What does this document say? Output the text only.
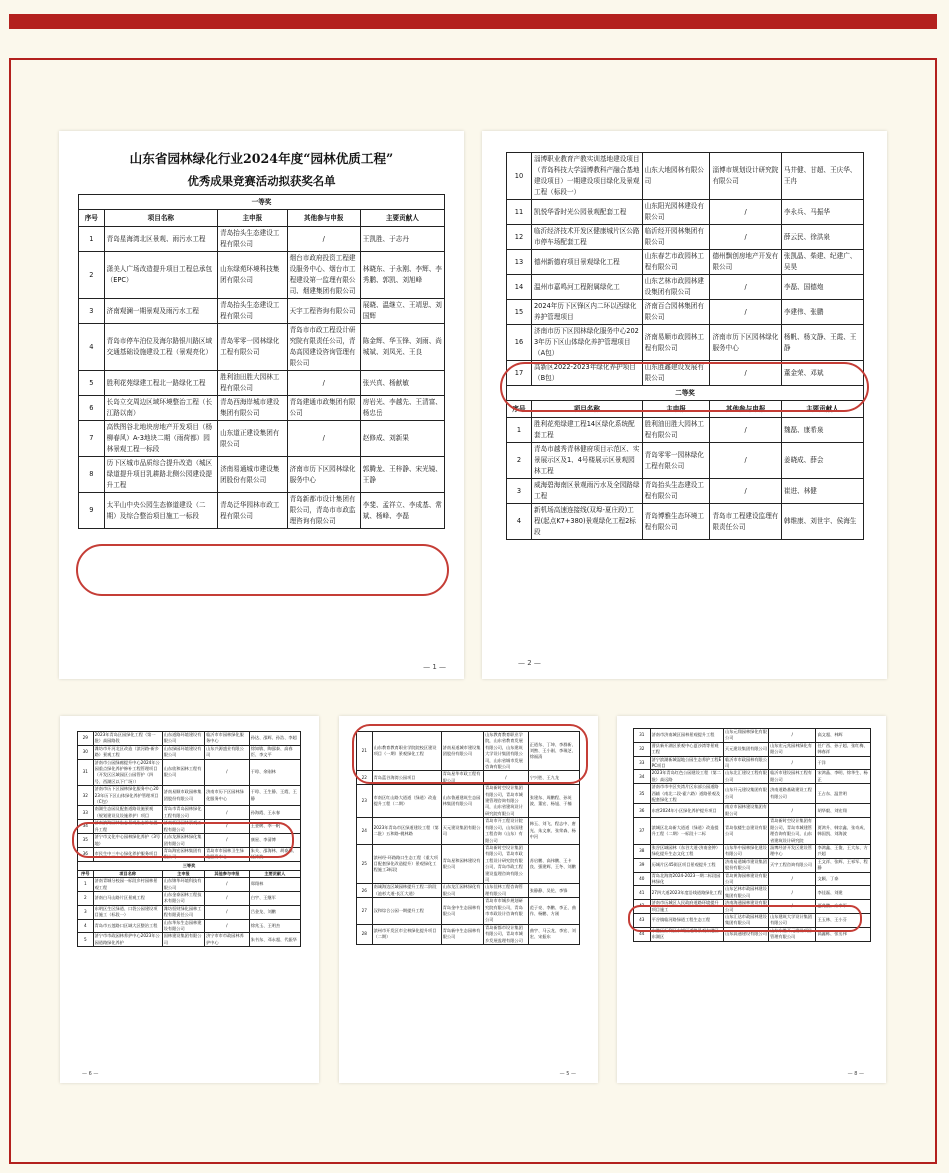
山东省园林绿化行业2024年度“园林优质工程”
优秀成果竞赛活动拟获奖名单
一等奖				
序号	项目名称	主申报	其他参与申报	主要贡献人
1	青岛星海湾北区景观、雨污水工程	青岛抬头生态建设工程有限公司	/	王凯胜、于志丹
2	潇美人广场改造提升项目工程总承包（EPC）	山东绿苑环境科技集团有限公司	烟台市政府投资工程建设服务中心、烟台市工程建设第一监理有限公司、烟建集团有限公司	林晓东、于永刚、李辉、李秀鹏、郭凯、刘旭峰
3	济南观澜一期景观及雨污水工程	青岛抬头生态建设工程有限公司	天宇工程咨询有限公司	展晓、温继立、王靖思、刘国辉
4	青岛市停车泊位及海尔路银川路区域交通基础设施建设工程（景观亮化）	青岛零零一园林绿化工程有限公司	青岛市市政工程设计研究院有限责任公司，青岛高园建设咨询管理有限公司	陈金辉、华玉锋、刘雨、尚城斌、刘凤光、王良
5	胜利花苑绿建工程北一路绿化工程	胜利油田胜大园林工程有限公司	/	张兴真、杨献敏
6	长岛立交周边区域环境整治工程（长江路以南）	青岛西海岸城市建设集团有限公司	青岛建通市政集团有限公司	房岩光、李越先、王清富、杨忠岳
7	高铁图谷北地块房地产开发项目（杨柳春风）A-3地块二期（雨荷都）园林景观工程一标段	山东道正建设集团有限公司	/	赵修成、刘新果
8	历下区城市品质综合提升改造（城区绿道提升项目乳耕路北侧公园建设提升工程	济南易通城市建设集团股份有限公司	济南市历下区园林绿化服务中心	郭腾龙、王梓静、宋光镜、王静
9	太平山中央公园生态修道建设（二期）及综合整治项目施工一标段	青岛泛华园林市政工程有限公司	青岛新都市设计集团有限公司，青岛市市政监理咨询有限公司	李斐、孟祥立、李成基、常斌、杨峰、李磊
— 1 —
10	淄博职业教育产教实训基地建设项目（青岛科技大学淄博教科产融合基地建设项目）一期建设项目绿化及景观工程（标段一）	山东大地园林有限公司	淄博市规划设计研究院有限公司	马井健、甘超、王庆华、王冉
11	凯悦华香时光公园景观配套工程	山东阳光园林建设有限公司	/	李永兵、马振华
12	临沂经济技术开发区健康城片区公路市停车场配套工程	临沂经开园林集团有限公司	/	薛云民、徐洪泉
13	德州新德府项目景观绿化工程	山东春艺市政园林工程有限公司	德州飘创房地产开发有限公司	张凯晶、柴建、纪建广、吴昊
14	温州市嘉鸣河工程附属绿化工	山东艺林市政园林建设集团有限公司	/	李磊、国德炮
15	2024年历下区锋区内二环以西绿化养护管理项目	济南百合园林集团有限公司	/	李建伟、张鹏
16	济南市历下区园林绿化服务中心2023年历下区山体绿化养护管理项目（A包）	济南易顺市政园林工程有限公司	济南市历下区园林绿化服务中心	杨帆、杨文静、王霞、王静
17	高新区2022-2023年绿化养护项目（B包）	山东胜鑫建设发展有限公司	/	董金荣、邓斌
二等奖				
序号	项目名称	主申报	其他参与申报	主要贡献人
1	胜利花苑绿建工程14区绿化系统配套工程	胜利油田胜大园林工程有限公司	/	魏磊、康希泉
2	青岛市越秀青林健府项目示范区、实景展示区及1、4号楼展示区景观园林工程	青岛零零一园林绿化工程有限公司	/	姜晓成、薛会
3	威海碧海南区景观雨污水及全园路绿工程	青岛抬头生态建设工程有限公司	/	崔进、林健
4	新机场高速连接线(双埠-夏庄段)工程(起点K7+380)景观绿化工程2标段	青岛博雅生态环境工程有限公司	青岛市工程建设监理有限责任公司	韩维康、刘世宇、侯海生
— 2 —
29	2023年青岛区园绿化工程（第一批）高园路段	山东道路环境建设有限公司	临沂市市园林绿化服务中心	孙达、邵辉、孙浩、李超
30	潍坊市开河北区改造（滨河路-新乡路）景观工程	山东绿园环境建设有限公司	山东兴源盛业有限公司	徐知敏、陶邵泰、高春臣、李文平
31	济南市公园绿廊提升中心2024年公园重点绿化养护修补工程管理项目（开发区区域园区公园管护（四号、西湖区以下广场））	山东欣和园林工程有限公司	/	于琼、余刚林
32	济南市历下区园林绿化服务中心2023年历下区山体绿化养护管理项目（C包）	济南易顺市政园林集团股份有限公司	济南市历下区园林绿化服务中心	于琼、王生静、王霞、王静
33	南湖生态园及配套道路设施景观（规划建设及设施养护）项目	青岛市青岛园林绿化工程有限公司	/	孙海霞、王永春
34	济南滨海园林生态景观生态修复提升工程	济南新园园林景观工程有限公司	/	王金树、季一帆
35	济宁市文化中心园林绿化养护（3号地）	山东龙源园林绿化集团有限公司	/	康星、李清博
36	市民生中三中心绿化养护服务项目	青岛海宏园林集团有限公司	青岛市市园林卫生绿化服务中心	朱关、邵海林、胡泰瑞、任涛波
三等奖				
序号	项目名称	主申报	其他参与申报	主要贡献人
1	济南青城分校园一标段乡村园林景观工程	山东锦华环境科技有限公司	/	郑翔林
2	济南白马山路片区景观工程	山东金泰园林工程技术有限公司	/	白宇、王继军
3	东明区生区绿道、口袋公园建设项目施工（标段一）	潍坊恒财绿化园林工程有限责任公司	/	吕金龙、刘鹏
4	青岛市五莲路口区域大区整治工程	山东华东生态园林建设有限公司	/	徐兆玉、王明杰
5	济宁市市政园林养护中心2023年公园道路绿化养护	国林建设集团有限公司	济宁市市市政园林养护中心	朱书东、邓永超、代振华
— 6 —
21	山东教育教育职业学院院校区建设项目（一期）景观绿化工程	济南易道城市建设集团股份有限公司	山东教育教育职业学院，山东省教育发展有限公司，山东建筑大学设计集团有限公司，山东省城市发展咨询有限公司	正道东、丁坤、李群新、刘煦、王小刚、李瑞芝、徐福清
22	青岛蓝谷海湾公园项目	青岛星华市政工程有限公司	/	宁兴胜、王九龙
23	市南区红山路大道道（绿道）改造提升工程（二期）	山东鲁通建筑生态园林集团有限公司	青岛新时空设计集团有限公司，青岛市城建管理咨询有限公司，山东省建筑设计研究院有限公司	张建东、周鹏程、孙英波、董宏、杨旭、于楠
24	2023年青岛市区绿道建设工程（第二批）五和路-桃林路	天元建设集团有限公司	青岛市开工程设计院有限公司，山东国建工程咨询（山东）有限公司	韩玉、刘飞、程志中、唐光、朱文康、张荣森、杨中河
25	滨州经-环路路口生态工程（重大项目配套绿化改造提升）景观绿化工程施工3标段	青岛星和园林建设有限公司	青岛新时空设计集团有限公司，青岛市政工程设计研究院有限公司，青岛市政工程建设监理咨询有限公司	苏启鹏、高伟鹏、王卡良、强建辉、王冬、刘鹏
26	南诚海边区域园林提升工程二阶段（池杉大道-长江大道）	山东龙江园林绿化有限公司	山东佳林工程咨询管理有限公司	张静静、吴伦、李锋
27	汉和综合公园一期提升工程	青岛金中生态园林有限公司	青岛市市城乡规划研究院有限公司，青岛市市政设计咨询有限公司	范子亮、李鹏、李正、曲作、杨鹏、方刚
28	滨州市开发区市全林绿化提升项目（二期）	青岛新中生态园林有限公司	青岛新都市设计集团有限公司，青岛市城乡发展监理有限公司	曲宇、马云龙、李宏、刘宏、宋振东
— 5 —
31	济南市济南城区园林景观提升工程	山东元翔园林绿化有限公司	/	高文超、林辉
32	曹县新开湖区景观中心夏沙湾等景观工程	天元建设集团有限公司	山东宏元兆园林绿化有限公司	任广西、孙子超、张红梅、韩春祥
33	济宁滨湖新城湿地公园生态养护工程EPC项目	临沂市市政园林有限公司	/	于洋
34	2023年青岛红色公园建设工程（第二批）高远路	山东北汇建设工程有限公司	临沂市建设园林工程有限公司	宋鸿晶、李明、徐华生、杨正
35	济南市市中区夹湾片区东部公园道路西辅（南北二段-霍六路）道路景观及配套绿化工程	山东开元建设集团有限公司	济南道路基础建设工程有限公司	王占东、温世明
36	东营2024年小区绿化养护提升项目	南京市园林建设集团有限公司	/	胡华毅、刘宏翔
37	滨城区北岛新大道道（绿道）改造提升工程（二期）一标段十二标	青岛依楼生态建设有限公司	青岛新时空设计集团有限公司，青岛市城建管理咨询有限公司，山东省建筑设计研究院	贾鸿升、韩宗鑫、张奇成、韩国凯、刘海波
38	张谷区域园林（东谷大道-济南金钟）绿化提升生态文化工程	山东华中园林绿化建设有限公司	淄博经济开发区建设管理中心	李鸿鑫、王俊、王大东、方兴超
39	历城片区45街区项目景观提升工程	济南易道城市建设集团股份有限公司	天宇工程咨询有限公司	王文祥、张辉、王祁军、程静
40	青岛北海湾2024-2023一期二标段园林绿化	青岛黄海园林建设有限公司	/	文颖、丁泰
41	27四大道2023年度沿线道路绿化工程	山东艺林市政园林建设集团有限公司	/	李佳磊、刘建
42	济南市历城区人民政府道路环境提升项目施工	济南海通园林建设有限公司	/	夏兆鹏、方奉军
43	平谷镇临河路绿道工程生态工程	山东汇达市政园林建设集团有限公司	山东建筑大学设计集团有限公司	王玉林、王小芬
44	东港区汇利区东城区道路景观东港区东湖区	山东高通建设有限公司	山东东胜开元建设项目管理有限公司	高鑫栋、张丞伟
— 8 —
